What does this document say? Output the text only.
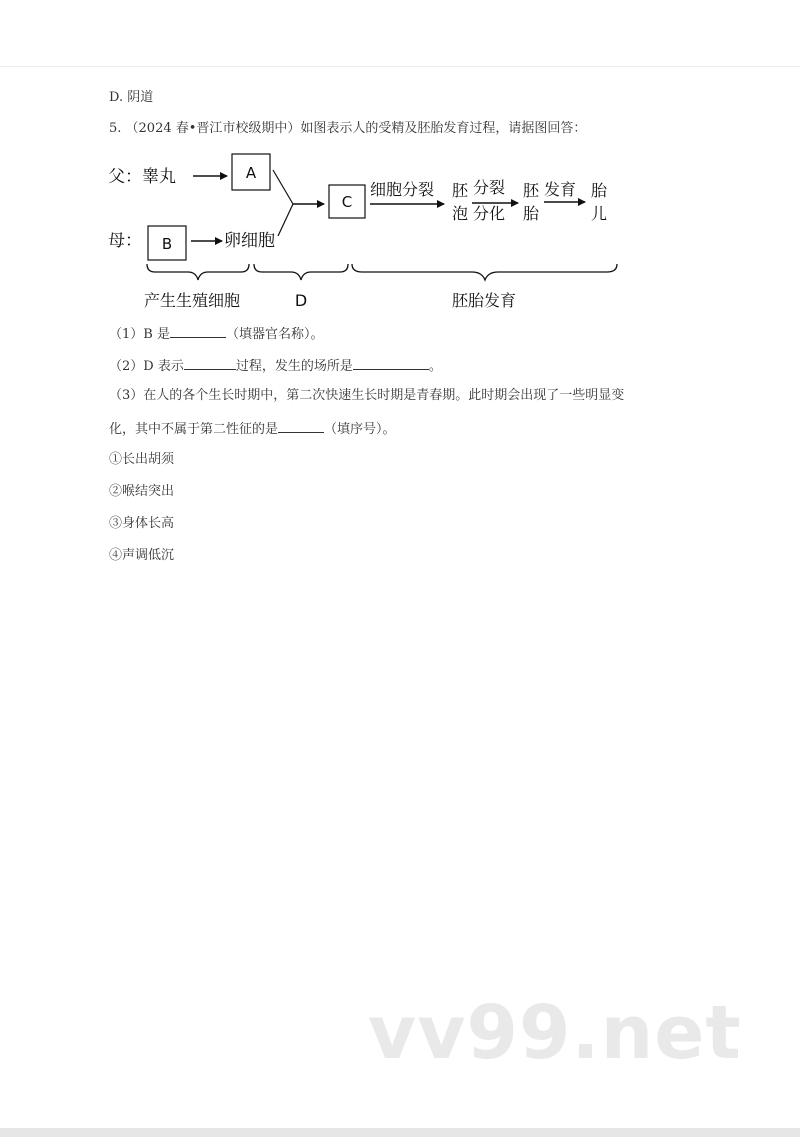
D. 阴道
5. （2024 春•晋江市校级期中）如图表示人的受精及胚胎发育过程，请据图回答：
父： 睾丸	A
母： B	卵细胞
C
细胞分裂 胚
泡
分裂
分化
胚
胎
发育 胎
儿
产生生殖细胞	D	胚胎发育
（1）B 是	（填器官名称）。
（2）D 表示	过程，发生的场所是	。
（3）在人的各个生长时期中，第二次快速生长时期是青春期。此时期会出现了一些明显变
化，其中不属于第二性征的是	（填序号）。
①长出胡须
②喉结突出
③身体长高
④声调低沉
vv99.net
